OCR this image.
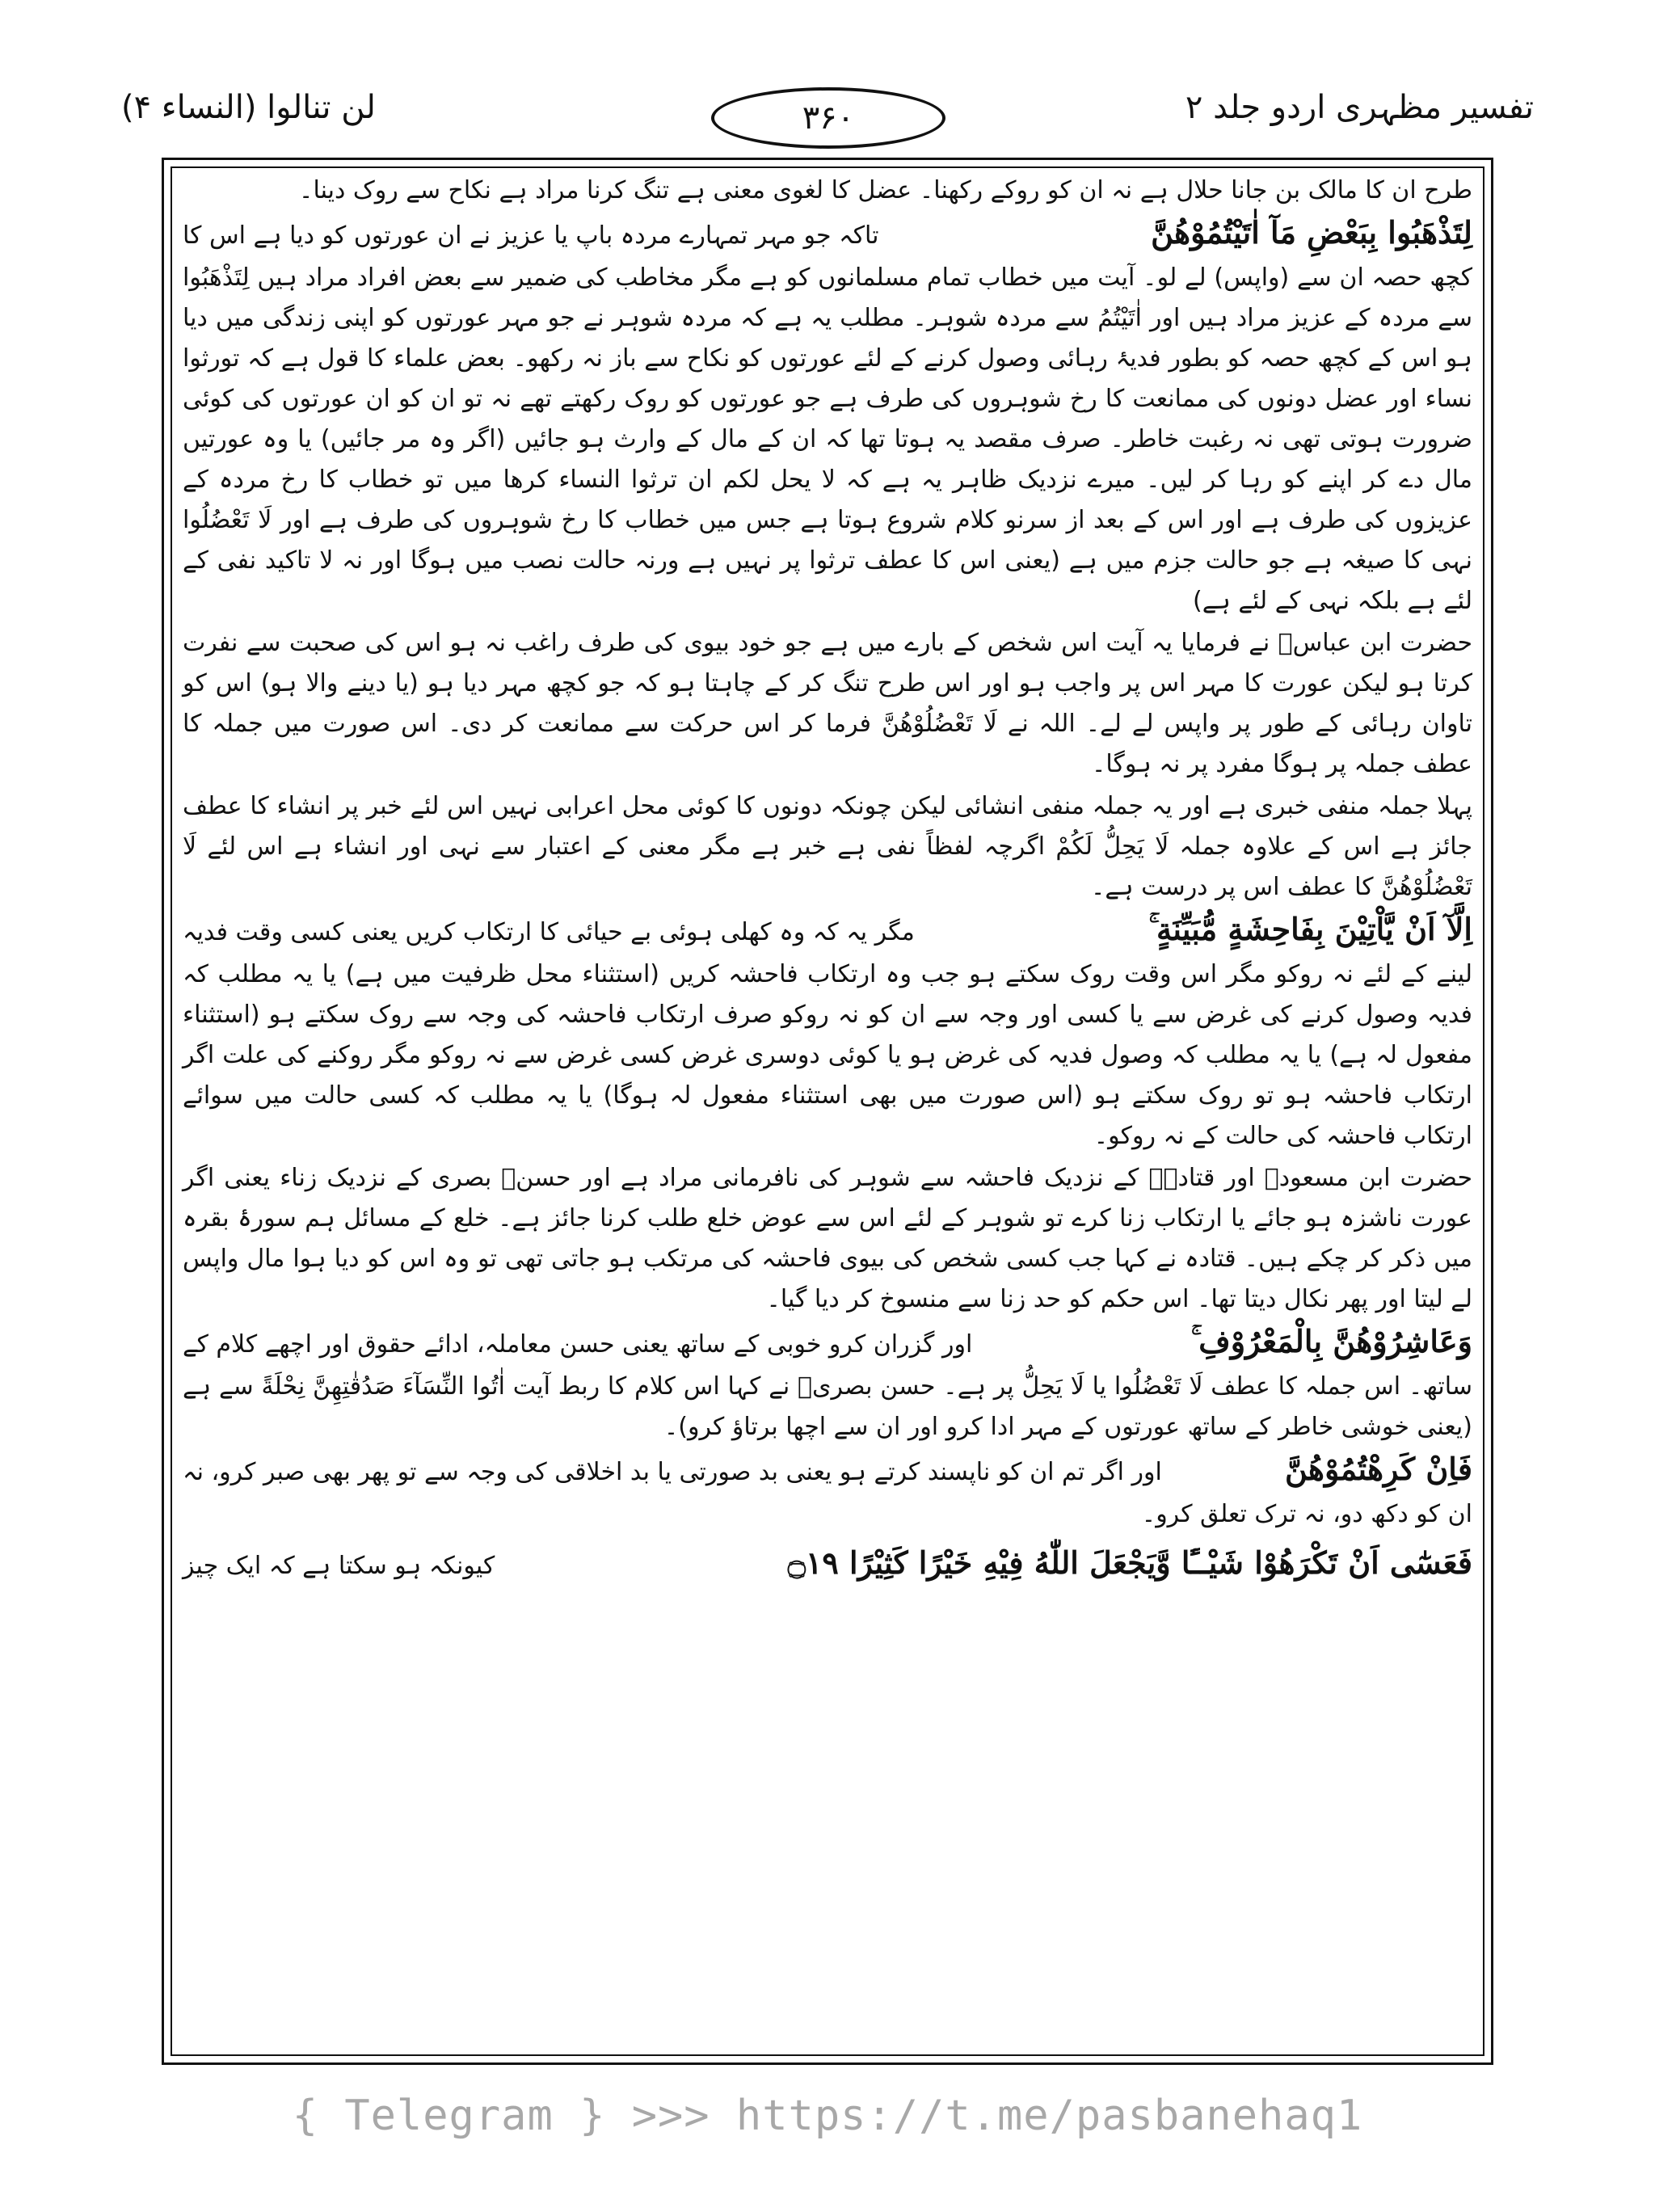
لن تنالوا (النساء ۴)	۳۶۰	تفسیر مظہری اردو جلد ۲

طرح ان کا مالک بن جانا حلال ہے نہ ان کو روکے رکھنا۔ عضل کا لغوی معنی ہے تنگ کرنا مراد ہے نکاح سے روک دینا۔

لِتَذْهَبُوا بِبَعْضِ مَآ اٰتَيْتُمُوْهُنَّ
تاکہ جو مہر تمہارے مردہ باپ یا عزیز نے ان عورتوں کو دیا ہے اس کا

کچھ حصہ ان سے (واپس) لے لو۔ آیت میں خطاب تمام مسلمانوں کو ہے مگر مخاطب کی ضمیر سے بعض افراد مراد ہیں لِتَذْهَبُوا سے مردہ کے عزیز مراد ہیں اور اٰتَيْتُمُ سے مردہ شوہر۔ مطلب یہ ہے کہ مردہ شوہر نے جو مہر عورتوں کو اپنی زندگی میں دیا ہو اس کے کچھ حصہ کو بطور فدیۂ رہائی وصول کرنے کے لئے عورتوں کو نکاح سے باز نہ رکھو۔ بعض علماء کا قول ہے کہ تورثوا نساء اور عضل دونوں کی ممانعت کا رخ شوہروں کی طرف ہے جو عورتوں کو روک رکھتے تھے نہ تو ان کو ان عورتوں کی کوئی ضرورت ہوتی تھی نہ رغبت خاطر۔ صرف مقصد یہ ہوتا تھا کہ ان کے مال کے وارث ہو جائیں (اگر وہ مر جائیں) یا وہ عورتیں مال دے کر اپنے کو رہا کر لیں۔ میرے نزدیک ظاہر یہ ہے کہ لا یحل لکم ان ترثوا النساء کرھا میں تو خطاب کا رخ مردہ کے عزیزوں کی طرف ہے اور اس کے بعد از سرنو کلام شروع ہوتا ہے جس میں خطاب کا رخ شوہروں کی طرف ہے اور لَا تَعْضُلُوا نہی کا صیغہ ہے جو حالت جزم میں ہے (یعنی اس کا عطف ترثوا پر نہیں ہے ورنہ حالت نصب میں ہوگا اور نہ لا تاکید نفی کے لئے ہے بلکہ نہی کے لئے ہے)

حضرت ابن عباسؓ نے فرمایا یہ آیت اس شخص کے بارے میں ہے جو خود بیوی کی طرف راغب نہ ہو اس کی صحبت سے نفرت کرتا ہو لیکن عورت کا مہر اس پر واجب ہو اور اس طرح تنگ کر کے چاہتا ہو کہ جو کچھ مہر دیا ہو (یا دینے والا ہو) اس کو تاوان رہائی کے طور پر واپس لے لے۔ اللہ نے لَا تَعْضُلُوْهُنَّ فرما کر اس حرکت سے ممانعت کر دی۔ اس صورت میں جملہ کا عطف جملہ پر ہوگا مفرد پر نہ ہوگا۔

پہلا جملہ منفی خبری ہے اور یہ جملہ منفی انشائی لیکن چونکہ دونوں کا کوئی محل اعرابی نہیں اس لئے خبر پر انشاء کا عطف جائز ہے اس کے علاوہ جملہ لَا يَحِلُّ لَكُمْ اگرچہ لفظاً نفی ہے خبر ہے مگر معنی کے اعتبار سے نہی اور انشاء ہے اس لئے لَا تَعْضُلُوْهُنَّ کا عطف اس پر درست ہے۔

اِلَّآ اَنْ يَّاْتِيْنَ بِفَاحِشَةٍ مُّبَيِّنَةٍ ۚ
مگر یہ کہ وہ کھلی ہوئی بے حیائی کا ارتکاب کریں یعنی کسی وقت فدیہ

لینے کے لئے نہ روکو مگر اس وقت روک سکتے ہو جب وہ ارتکاب فاحشہ کریں (استثناء محل ظرفیت میں ہے) یا یہ مطلب کہ فدیہ وصول کرنے کی غرض سے یا کسی اور وجہ سے ان کو نہ روکو صرف ارتکاب فاحشہ کی وجہ سے روک سکتے ہو (استثناء مفعول لہ ہے) یا یہ مطلب کہ وصول فدیہ کی غرض ہو یا کوئی دوسری غرض کسی غرض سے نہ روکو مگر روکنے کی علت اگر ارتکاب فاحشہ ہو تو روک سکتے ہو (اس صورت میں بھی استثناء مفعول لہ ہوگا) یا یہ مطلب کہ کسی حالت میں سوائے ارتکاب فاحشہ کی حالت کے نہ روکو۔

حضرت ابن مسعودؓ اور قتادہؒ کے نزدیک فاحشہ سے شوہر کی نافرمانی مراد ہے اور حسنؒ بصری کے نزدیک زناء یعنی اگر عورت ناشزہ ہو جائے یا ارتکاب زنا کرے تو شوہر کے لئے اس سے عوض خلع طلب کرنا جائز ہے۔ خلع کے مسائل ہم سورۂ بقرہ میں ذکر کر چکے ہیں۔ قتادہ نے کہا جب کسی شخص کی بیوی فاحشہ کی مرتکب ہو جاتی تھی تو وہ اس کو دیا ہوا مال واپس لے لیتا اور پھر نکال دیتا تھا۔ اس حکم کو حد زنا سے منسوخ کر دیا گیا۔

وَعَاشِرُوْهُنَّ بِالْمَعْرُوْفِ ۚ
اور گزران کرو خوبی کے ساتھ یعنی حسن معاملہ، ادائے حقوق اور اچھے کلام کے

ساتھ۔ اس جملہ کا عطف لَا تَعْضُلُوا یا لَا يَحِلُّ پر ہے۔ حسن بصریؒ نے کہا اس کلام کا ربط آیت اٰتُوا النِّسَآءَ صَدُقٰتِهِنَّ نِحْلَةً سے ہے (یعنی خوشی خاطر کے ساتھ عورتوں کے مہر ادا کرو اور ان سے اچھا برتاؤ کرو)۔

فَاِنْ كَرِهْتُمُوْهُنَّ
اور اگر تم ان کو ناپسند کرتے ہو یعنی بد صورتی یا بد اخلاقی کی وجہ سے تو پھر بھی صبر کرو، نہ

ان کو دکھ دو، نہ ترک تعلق کرو۔

فَعَسٰٓى اَنْ تَكْرَهُوْا شَيْــًٔا وَّيَجْعَلَ اللّٰهُ فِيْهِ خَيْرًا كَثِيْرًا ۝۱۹
کیونکہ ہو سکتا ہے کہ ایک چیز
{ Telegram } >>> https://t.me/pasbanehaq1
